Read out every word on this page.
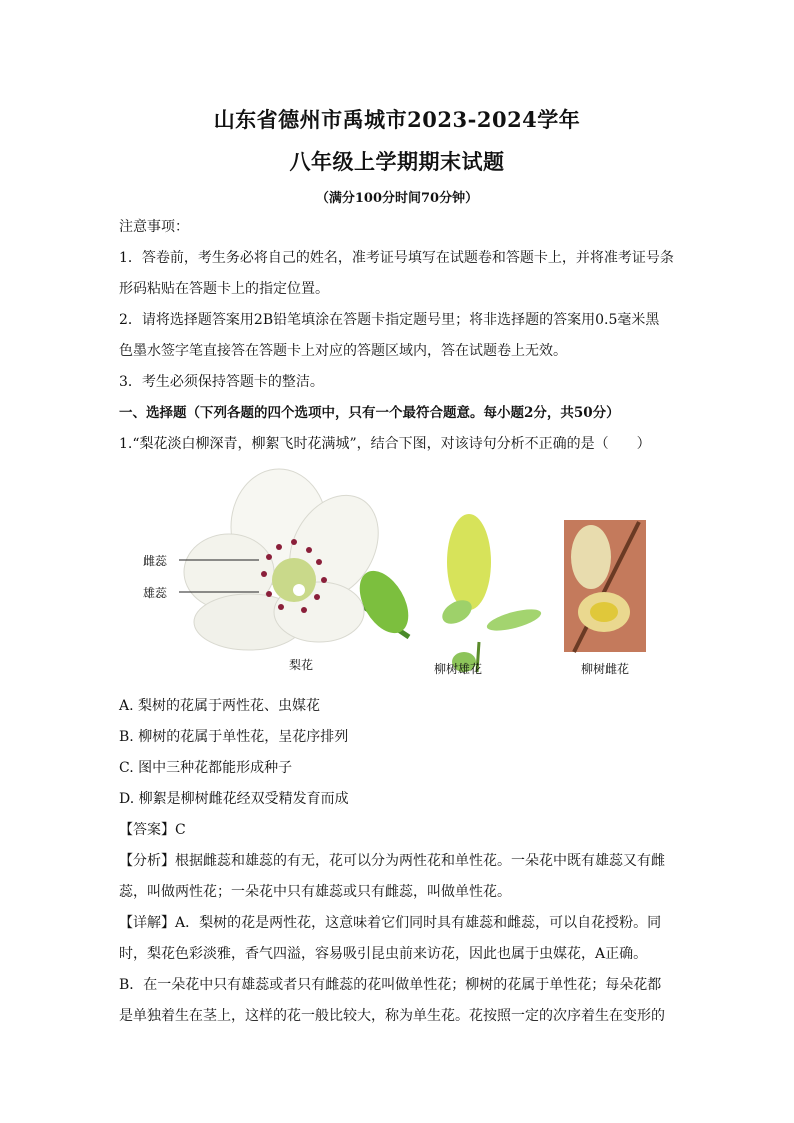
山东省德州市禹城市2023-2024学年
八年级上学期期末试题
（满分100分时间70分钟）
注意事项：
1．答卷前，考生务必将自己的姓名，准考证号填写在试题卷和答题卡上，并将准考证号条
形码粘贴在答题卡上的指定位置。
2．请将选择题答案用2B铅笔填涂在答题卡指定题号里；将非选择题的答案用0.5毫米黑
色墨水签字笔直接答在答题卡上对应的答题区域内，答在试题卷上无效。
3．考生必须保持答题卡的整洁。
一、选择题（下列各题的四个选项中，只有一个最符合题意。每小题2分，共50分）
1.“梨花淡白柳深青，柳絮飞时花满城”，结合下图，对该诗句分析不正确的是（　　）
雌蕊
雄蕊
梨花	柳树雄花	柳树雌花
A. 梨树的花属于两性花、虫媒花
B. 柳树的花属于单性花，呈花序排列
C. 图中三种花都能形成种子
D. 柳絮是柳树雌花经双受精发育而成
【答案】C
【分析】根据雌蕊和雄蕊的有无，花可以分为两性花和单性花。一朵花中既有雄蕊又有雌
蕊，叫做两性花；一朵花中只有雄蕊或只有雌蕊，叫做单性花。
【详解】A．梨树的花是两性花，这意味着它们同时具有雄蕊和雌蕊，可以自花授粉。同
时，梨花色彩淡雅，香气四溢，容易吸引昆虫前来访花，因此也属于虫媒花，A正确。
B．在一朵花中只有雄蕊或者只有雌蕊的花叫做单性花；柳树的花属于单性花；每朵花都
是单独着生在茎上，这样的花一般比较大，称为单生花。花按照一定的次序着生在变形的
